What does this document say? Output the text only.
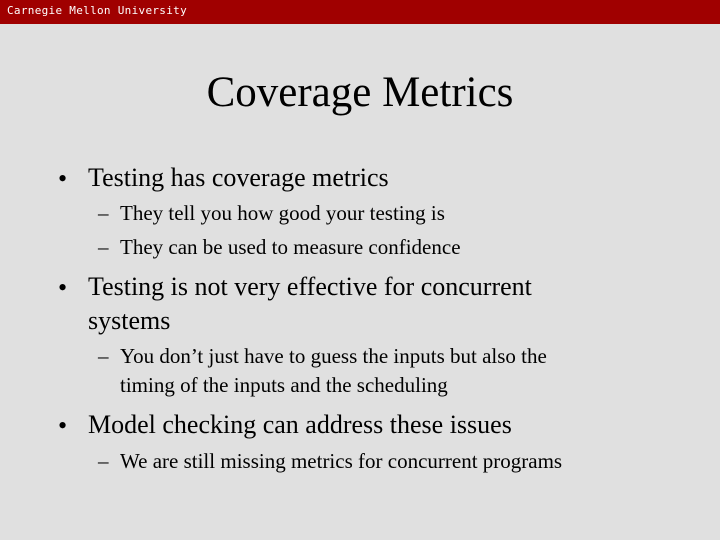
Carnegie Mellon University
Coverage Metrics
• Testing has coverage metrics
– They tell you how good your testing is
– They can be used to measure confidence
• Testing is not very effective for concurrent
systems
– You don’t just have to guess the inputs but also the
timing of the inputs and the scheduling
• Model checking can address these issues
– We are still missing metrics for concurrent programs
